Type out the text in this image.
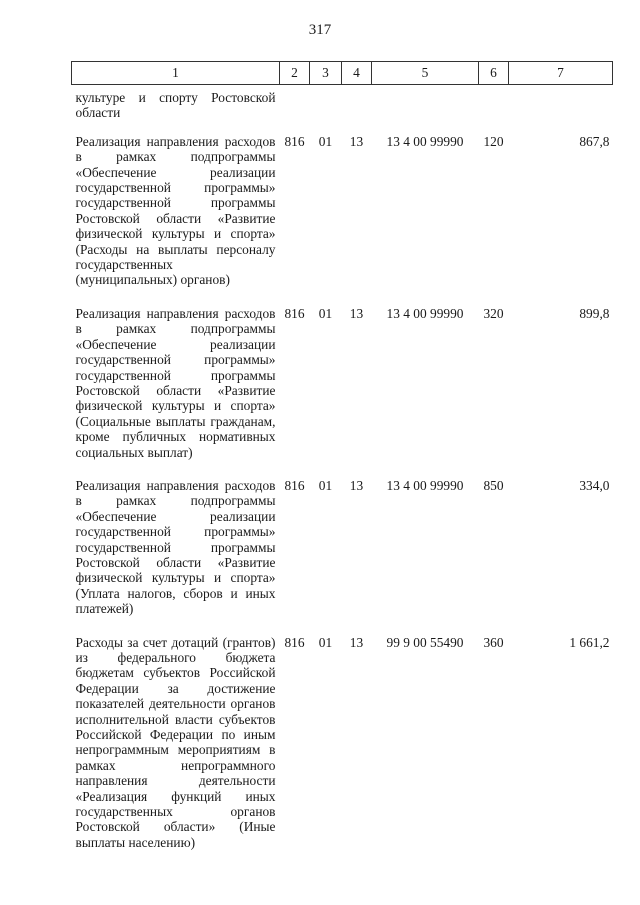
317
1	2	3	4	5	6	7
культуре и спорту Ростовской области						
Реализация направления расходов в рамках подпрограммы «Обеспечение реализации государственной программы» государственной программы Ростовской области «Развитие физической культуры и спорта» (Расходы на выплаты персоналу государственных (муниципальных) органов)	816	01	13	13 4 00 99990	120	867,8
Реализация направления расходов в рамках подпрограммы «Обеспечение реализации государственной программы» государственной программы Ростовской области «Развитие физической культуры и спорта» (Социальные выплаты гражданам, кроме публичных нормативных социальных выплат)	816	01	13	13 4 00 99990	320	899,8
Реализация направления расходов в рамках подпрограммы «Обеспечение реализации государственной программы» государственной программы Ростовской области «Развитие физической культуры и спорта» (Уплата налогов, сборов и иных платежей)	816	01	13	13 4 00 99990	850	334,0
Расходы за счет дотаций (грантов) из федерального бюджета бюджетам субъектов Российской Федерации за достижение показателей деятельности органов исполнительной власти субъектов Российской Федерации по иным непрограммным мероприятиям в рамках непрограммного направления деятельности «Реализация функций иных государственных органов Ростовской области» (Иные выплаты населению)	816	01	13	99 9 00 55490	360	1 661,2
